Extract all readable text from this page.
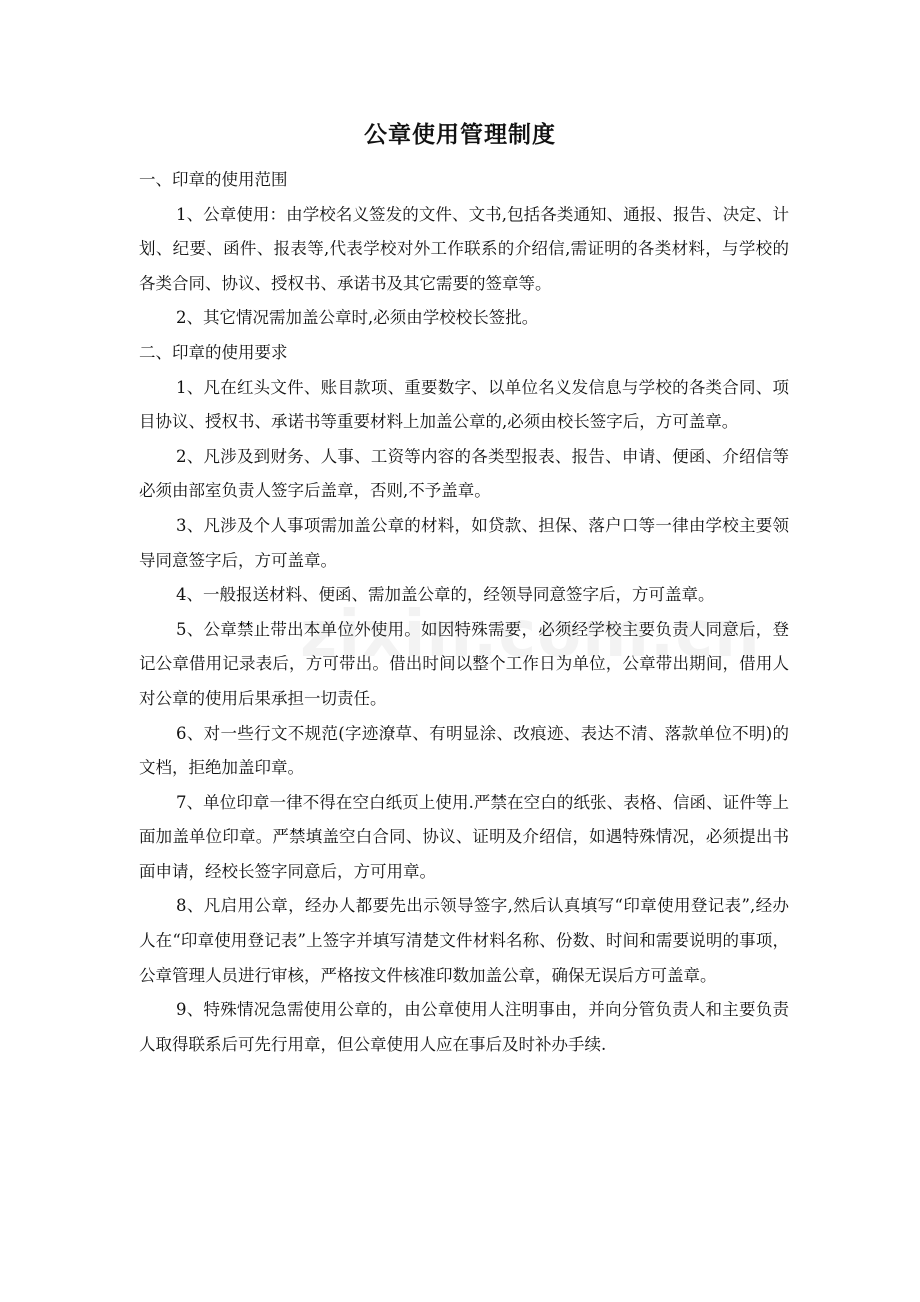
公章使用管理制度

一、印章的使用范围

1、公章使用：由学校名义签发的文件、文书,包括各类通知、通报、报告、决定、计划、纪要、函件、报表等,代表学校对外工作联系的介绍信,需证明的各类材料，与学校的各类合同、协议、授权书、承诺书及其它需要的签章等。

2、其它情况需加盖公章时,必须由学校校长签批。

二、印章的使用要求

1、凡在红头文件、账目款项、重要数字、以单位名义发信息与学校的各类合同、项目协议、授权书、承诺书等重要材料上加盖公章的,必须由校长签字后，方可盖章。

2、凡涉及到财务、人事、工资等内容的各类型报表、报告、申请、便函、介绍信等必须由部室负责人签字后盖章，否则,不予盖章。

3、凡涉及个人事项需加盖公章的材料，如贷款、担保、落户口等一律由学校主要领导同意签字后，方可盖章。

4、一般报送材料、便函、需加盖公章的，经领导同意签字后，方可盖章。

5、公章禁止带出本单位外使用。如因特殊需要，必须经学校主要负责人同意后，登记公章借用记录表后，方可带出。借出时间以整个工作日为单位，公章带出期间，借用人对公章的使用后果承担一切责任。

6、对一些行文不规范(字迹潦草、有明显涂、改痕迹、表达不清、落款单位不明)的文档，拒绝加盖印章。

7、单位印章一律不得在空白纸页上使用.严禁在空白的纸张、表格、信函、证件等上面加盖单位印章。严禁填盖空白合同、协议、证明及介绍信，如遇特殊情况，必须提出书面申请，经校长签字同意后，方可用章。

8、凡启用公章，经办人都要先出示领导签字,然后认真填写“印章使用登记表”,经办人在“印章使用登记表”上签字并填写清楚文件材料名称、份数、时间和需要说明的事项，公章管理人员进行审核，严格按文件核准印数加盖公章，确保无误后方可盖章。

9、特殊情况急需使用公章的，由公章使用人注明事由，并向分管负责人和主要负责人取得联系后可先行用章，但公章使用人应在事后及时补办手续.
